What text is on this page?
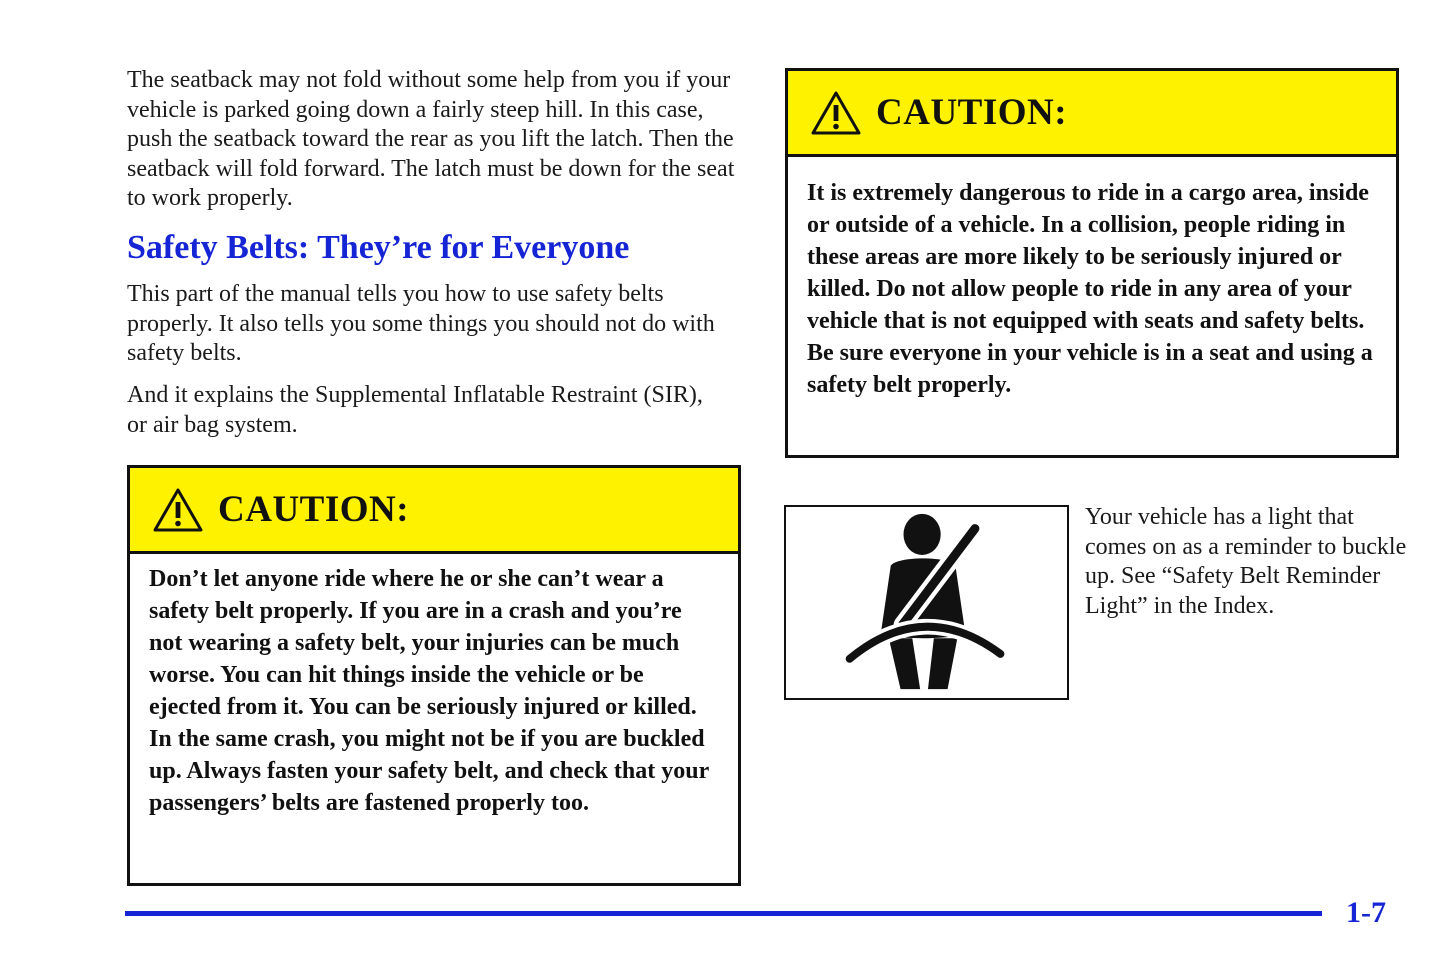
The seatback may not fold without some help from you if your vehicle is parked going down a fairly steep hill. In this case, push the seatback toward the rear as you lift the latch. Then the seatback will fold forward. The latch must be down for the seat to work properly.

Safety Belts: They’re for Everyone

This part of the manual tells you how to use safety belts properly. It also tells you some things you should not do with safety belts.

And it explains the Supplemental Inflatable Restraint (SIR), or air bag system.

CAUTION:

Don’t let anyone ride where he or she can’t wear a safety belt properly. If you are in a crash and you’re not wearing a safety belt, your injuries can be much worse. You can hit things inside the vehicle or be ejected from it. You can be seriously injured or killed. In the same crash, you might not be if you are buckled up. Always fasten your safety belt, and check that your passengers’ belts are fastened properly too.

CAUTION:

It is extremely dangerous to ride in a cargo area, inside or outside of a vehicle. In a collision, people riding in these areas are more likely to be seriously injured or killed. Do not allow people to ride in any area of your vehicle that is not equipped with seats and safety belts. Be sure everyone in your vehicle is in a seat and using a safety belt properly.

Your vehicle has a light that comes on as a reminder to buckle up. See “Safety Belt Reminder Light” in the Index.

1-7
